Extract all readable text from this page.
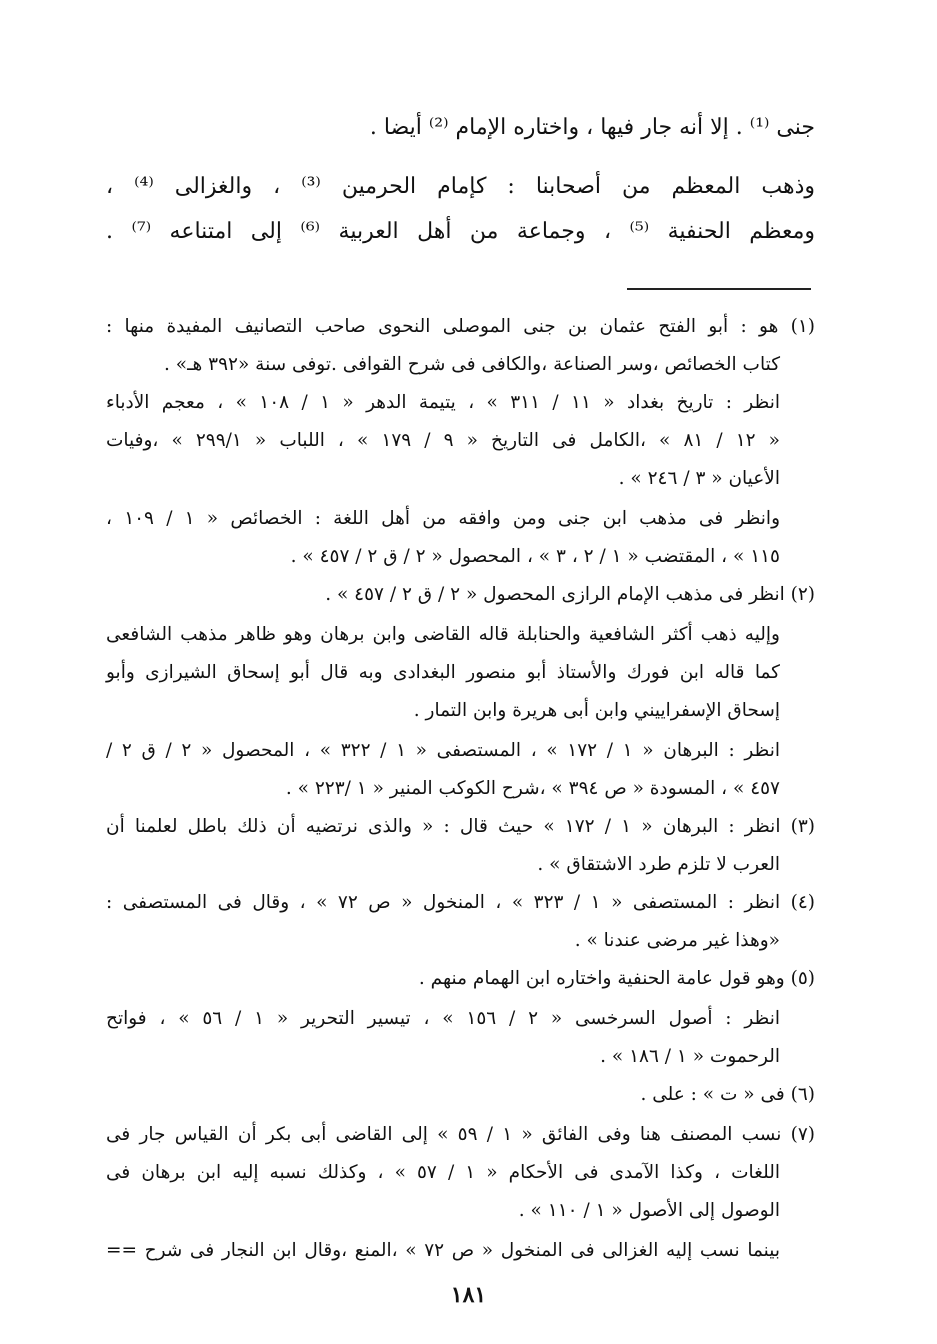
جنى ⁽¹⁾ . إلا أنه جار فيها ، واختاره الإمام ⁽²⁾ أيضا .
وذهب المعظم من أصحابنا : كإمام الحرمين ⁽³⁾ ، والغزالى ⁽⁴⁾ ،
ومعظم الحنفية ⁽⁵⁾ ، وجماعة من أهل العربية ⁽⁶⁾ إلى امتناعه ⁽⁷⁾ .
(١) هو : أبو الفتح عثمان بن جنى الموصلى النحوى صاحب التصانيف المفيدة منها :
كتاب الخصائص ،وسر الصناعة ،والكافى فى شرح القوافى .توفى سنة «٣٩٢ هـ» .
انظر : تاريخ بغداد « ١١ / ٣١١ » ، يتيمة الدهر « ١ / ١٠٨ » ، معجم الأدباء
« ١٢ / ٨١ » ،الكامل فى التاريخ « ٩ / ١٧٩ » ، اللباب « ٢٩٩/١ » ،وفيات
الأعيان « ٣ / ٢٤٦ » .
وانظر فى مذهب ابن جنى ومن وافقه من أهل اللغة : الخصائص « ١ / ١٠٩ ،
١١٥ » ، المقتضب « ١ / ٢ ، ٣ » ، المحصول « ٢ / ق ٢ / ٤٥٧ » .
(٢) انظر فى مذهب الإمام الرازى المحصول « ٢ / ق ٢ / ٤٥٧ » .
وإليه ذهب أكثر الشافعية والحنابلة قاله القاضى وابن برهان وهو ظاهر مذهب الشافعى
كما قاله ابن فورك والأستاذ أبو منصور البغدادى وبه قال أبو إسحاق الشيرازى وأبو
إسحاق الإسفراييني وابن أبى هريرة وابن التمار .
انظر : البرهان « ١ / ١٧٢ » ، المستصفى « ١ / ٣٢٢ » ، المحصول « ٢ / ق ٢ /
٤٥٧ » ، المسودة « ص ٣٩٤ » ،شرح الكوكب المنير « ١ /٢٢٣ » .
(٣) انظر : البرهان « ١ / ١٧٢ » حيث قال : « والذى نرتضيه أن ذلك باطل لعلمنا أن
العرب لا تلزم طرد الاشتقاق » .
(٤) انظر : المستصفى « ١ / ٣٢٣ » ، المنخول « ص ٧٢ » ، وقال فى المستصفى :
«وهذا غير مرضى عندنا » .
(٥) وهو قول عامة الحنفية واختاره ابن الهمام منهم .
انظر : أصول السرخسى « ٢ / ١٥٦ » ، تيسير التحرير « ١ / ٥٦ » ، فواتح
الرحموت « ١ / ١٨٦ » .
(٦) فى « ت » : على .
(٧) نسب المصنف هنا وفى الفائق « ١ / ٥٩ » إلى القاضى أبى بكر أن القياس جار فى
اللغات ، وكذا الآمدى فى الأحكام « ١ / ٥٧ » ، وكذلك نسبه إليه ابن برهان فى
الوصول إلى الأصول « ١ / ١١٠ » .
بينما نسب إليه الغزالى فى المنخول « ص ٧٢ » ،المنع ،وقال ابن النجار فى شرح ==
١٨١
